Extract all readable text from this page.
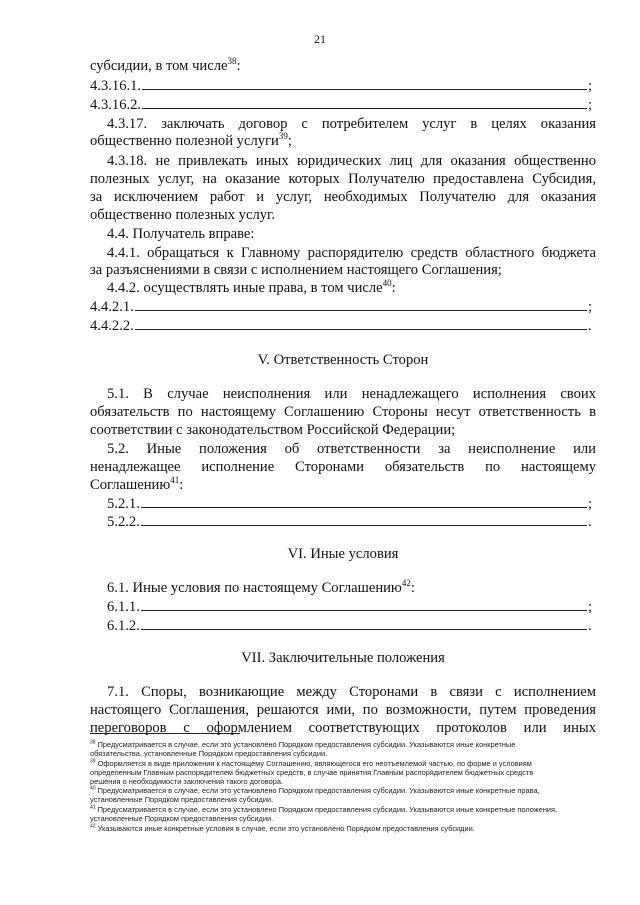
21
субсидии, в том числе$^{38}$:
4.3.16.1.	;
4.3.16.2.	;
4.3.17. заключать договор с потребителем услуг в целях оказания
общественно полезной услуги$^{39}$;
4.3.18. не привлекать иных юридических лиц для оказания общественно
полезных услуг, на оказание которых Получателю предоставлена Субсидия,
за исключением работ и услуг, необходимых Получателю для оказания
общественно полезных услуг.
4.4. Получатель вправе:
4.4.1. обращаться к Главному распорядителю средств областного бюджета
за разъяснениями в связи с исполнением настоящего Соглашения;
4.4.2. осуществлять иные права, в том числе$^{40}$:
4.4.2.1.	;
4.4.2.2.	.
V. Ответственность Сторон
5.1. В случае неисполнения или ненадлежащего исполнения своих
обязательств по настоящему Соглашению Стороны несут ответственность в
соответствии с законодательством Российской Федерации;
5.2. Иные положения об ответственности за неисполнение или
ненадлежащее исполнение Сторонами обязательств по настоящему
Соглашению$^{41}$:
5.2.1.	;
5.2.2.	.
VI. Иные условия
6.1. Иные условия по настоящему Соглашению$^{42}$:
6.1.1.	;
6.1.2.	.
VII. Заключительные положения
7.1. Споры, возникающие между Сторонами в связи с исполнением
настоящего Соглашения, решаются ими, по возможности, путем проведения
переговоров с оформлением соответствующих протоколов или иных
$^{38}$ Предусматривается в случае, если это установлено Порядком предоставления субсидии. Указываются иные конкретные
обязательства, установленные Порядком предоставления субсидии.
$^{39}$ Оформляется в виде приложения к настоящему Соглашению, являющегося его неотъемлемой частью, по форме и условиям
определенным Главным распорядителем бюджетных средств, в случае принятия Главным распорядителем бюджетных средств
решения о необходимости заключения такого договора.
$^{40}$ Предусматривается в случае, если это установлено Порядком предоставления субсидии. Указываются иные конкретные права,
установленные Порядком предоставления субсидии.
$^{41}$ Предусматривается в случае, если это установлено Порядком предоставления субсидии. Указываются иные конкретные положения,
установленные Порядком предоставления субсидии.
$^{42}$ Указываются иные конкретные условия в случае, если это установлено Порядком предоставления субсидии.
